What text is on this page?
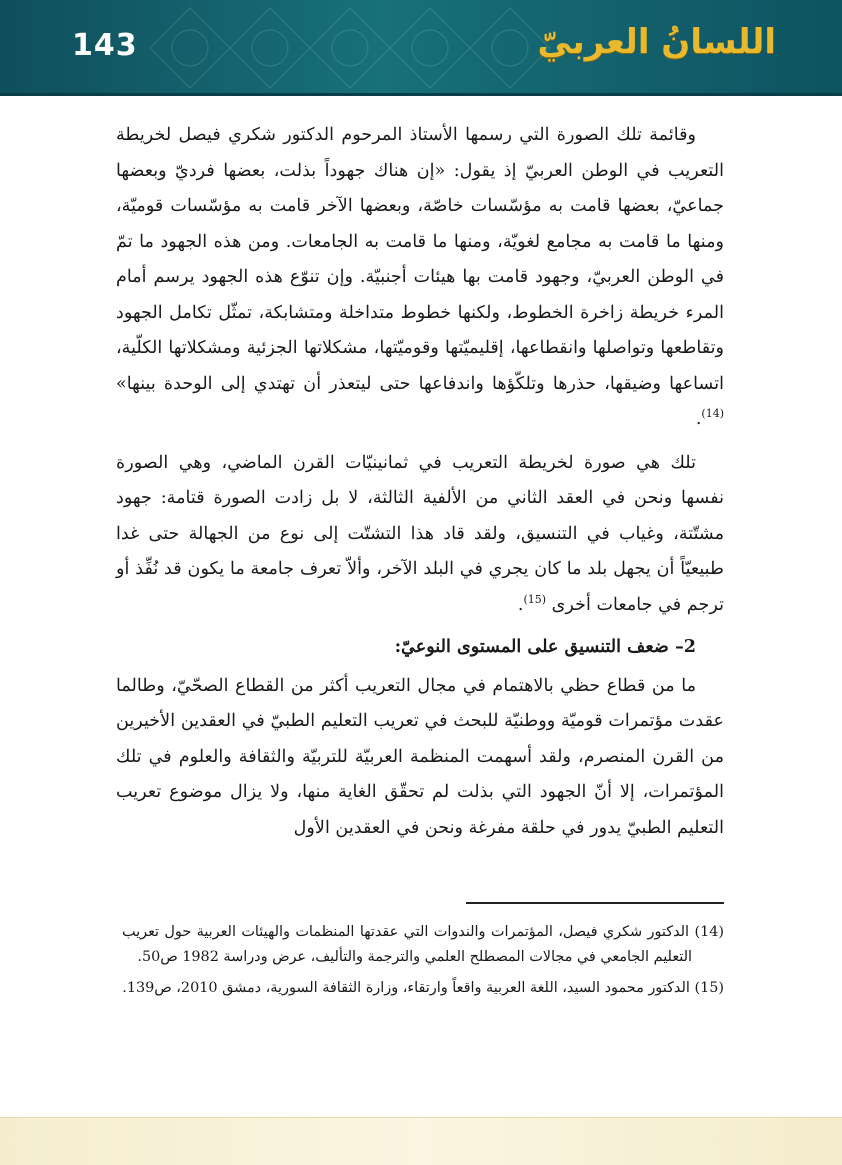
143	اللسانُ العربيّ

وقائمة تلك الصورة التي رسمها الأستاذ المرحوم الدكتور شكري فيصل لخريطة التعريب في الوطن العربيّ إذ يقول: «إن هناك جهوداً بذلت، بعضها فرديّ وبعضها جماعيّ، بعضها قامت به مؤسّسات خاصّة، وبعضها الآخر قامت به مؤسّسات قوميّة، ومنها ما قامت به مجامع لغويّة، ومنها ما قامت به الجامعات. ومن هذه الجهود ما تمّ في الوطن العربيّ، وجهود قامت بها هيئات أجنبيّة. وإن تنوّع هذه الجهود يرسم أمام المرء خريطة زاخرة الخطوط، ولكنها خطوط متداخلة ومتشابكة، تمثّل تكامل الجهود وتقاطعها وتواصلها وانقطاعها، إقليميّتها وقوميّتها، مشكلاتها الجزئية ومشكلاتها الكلّية، اتساعها وضيقها، حذرها وتلكّؤها واندفاعها حتى ليتعذر أن تهتدي إلى الوحدة بينها» $^{(14)}$.

تلك هي صورة لخريطة التعريب في ثمانينيّات القرن الماضي، وهي الصورة نفسها ونحن في العقد الثاني من الألفية الثالثة، لا بل زادت الصورة قتامة: جهود مشتّتة، وغياب في التنسيق، ولقد قاد هذا التشتّت إلى نوع من الجهالة حتى غدا طبيعيّاً أن يجهل بلد ما كان يجري في البلد الآخر، وألاّ تعرف جامعة ما يكون قد نُفِّذ أو ترجم في جامعات أخرى $^{(15)}$.

2– ضعف التنسيق على المستوى النوعيّ:

ما من قطاع حظي بالاهتمام في مجال التعريب أكثر من القطاع الصحّيّ، وطالما عقدت مؤتمرات قوميّة ووطنيّة للبحث في تعريب التعليم الطبيّ في العقدين الأخيرين من القرن المنصرم، ولقد أسهمت المنظمة العربيّة للتربيّة والثقافة والعلوم في تلك المؤتمرات، إلا أنّ الجهود التي بذلت لم تحقّق الغاية منها، ولا يزال موضوع تعريب التعليم الطبيّ يدور في حلقة مفرغة ونحن في العقدين الأول

(14) الدكتور شكري فيصل، المؤتمرات والندوات التي عقدتها المنظمات والهيئات العربية حول تعريب التعليم الجامعي في مجالات المصطلح العلمي والترجمة والتأليف، عرض ودراسة 1982 ص50.

(15) الدكتور محمود السيد، اللغة العربية واقعاً وارتقاء، وزارة الثقافة السورية، دمشق 2010، ص139.
